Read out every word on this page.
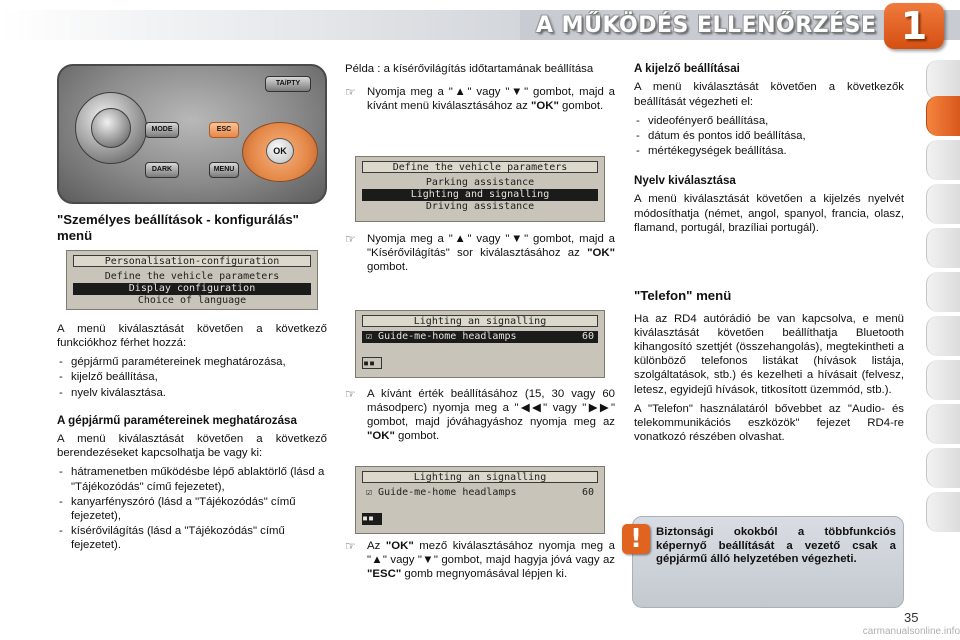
A MŰKÖDÉS ELLENŐRZÉSE 1
MODE
DARK
ESC
MENU
TA/PTY
OK
"Személyes beállítások - konfigurálás" menü
Personalisation-configuration
Define the vehicle parameters
Display configuration
Choice of language

A menü kiválasztását követően a következő funkciókhoz férhet hozzá:

- gépjármű paramétereinek meghatározása,
- kijelző beállítása,
- nyelv kiválasztása.
A gépjármű paramétereinek meghatározása

A menü kiválasztását követően a következő berendezéseket kapcsolhatja be vagy ki:

- hátramenetben működésbe lépő ablaktörlő (lásd a "Tájékozódás" című fejezetet),
- kanyarfényszóró (lásd a "Tájékozódás" című fejezetet),
- kísérővilágítás (lásd a "Tájékozódás" című fejezetet).

Példa : a kísérővilágítás időtartamának beállítása

☞ Nyomja meg a "▲" vagy "▼" gombot, majd a kívánt menü kiválasztásához az "OK" gombot.
Define the vehicle parameters
Parking assistance
Lighting and signalling
Driving assistance
☞ Nyomja meg a "▲" vagy "▼" gombot, majd a "Kísérővilágítás" sor kiválasztásához az "OK" gombot.
Lighting an signalling
☑ Guide-me-home headlamps	60
▪▪
☞ A kívánt érték beállításához (15, 30 vagy 60 másodperc) nyomja meg a "◀◀" vagy "▶▶" gombot, majd jóváhagyáshoz nyomja meg az "OK" gombot.
Lighting an signalling
☑ Guide-me-home headlamps	60
▪▪
☞ Az "OK" mező kiválasztásához nyomja meg a "▲" vagy "▼" gombot, majd hagyja jóvá vagy az "ESC" gomb megnyomásával lépjen ki.
A kijelző beállításai

A menü kiválasztását követően a következők beállítását végezheti el:

- videofényerő beállítása,
- dátum és pontos idő beállítása,
- mértékegységek beállítása.
Nyelv kiválasztása

A menü kiválasztását követően a kijelzés nyelvét módosíthatja (német, angol, spanyol, francia, olasz, flamand, portugál, brazíliai portugál).

"Telefon" menü

Ha az RD4 autórádió be van kapcsolva, e menü kiválasztását követően beállíthatja Bluetooth kihangosító szettjét (összehangolás), megtekintheti a különböző telefonos listákat (hívások listája, szolgáltatások, stb.) és kezelheti a hívásait (felvesz, letesz, egyidejű hívások, titkosított üzemmód, stb.).

A "Telefon" használatáról bővebbet az "Audio- és telekommunikációs eszközök" fejezet RD4-re vonatkozó részében olvashat.

!	Biztonsági okokból a többfunkciós képernyő beállítását a vezető csak a gépjármű álló helyzetében végezheti.
35
carmanualsonline.info
